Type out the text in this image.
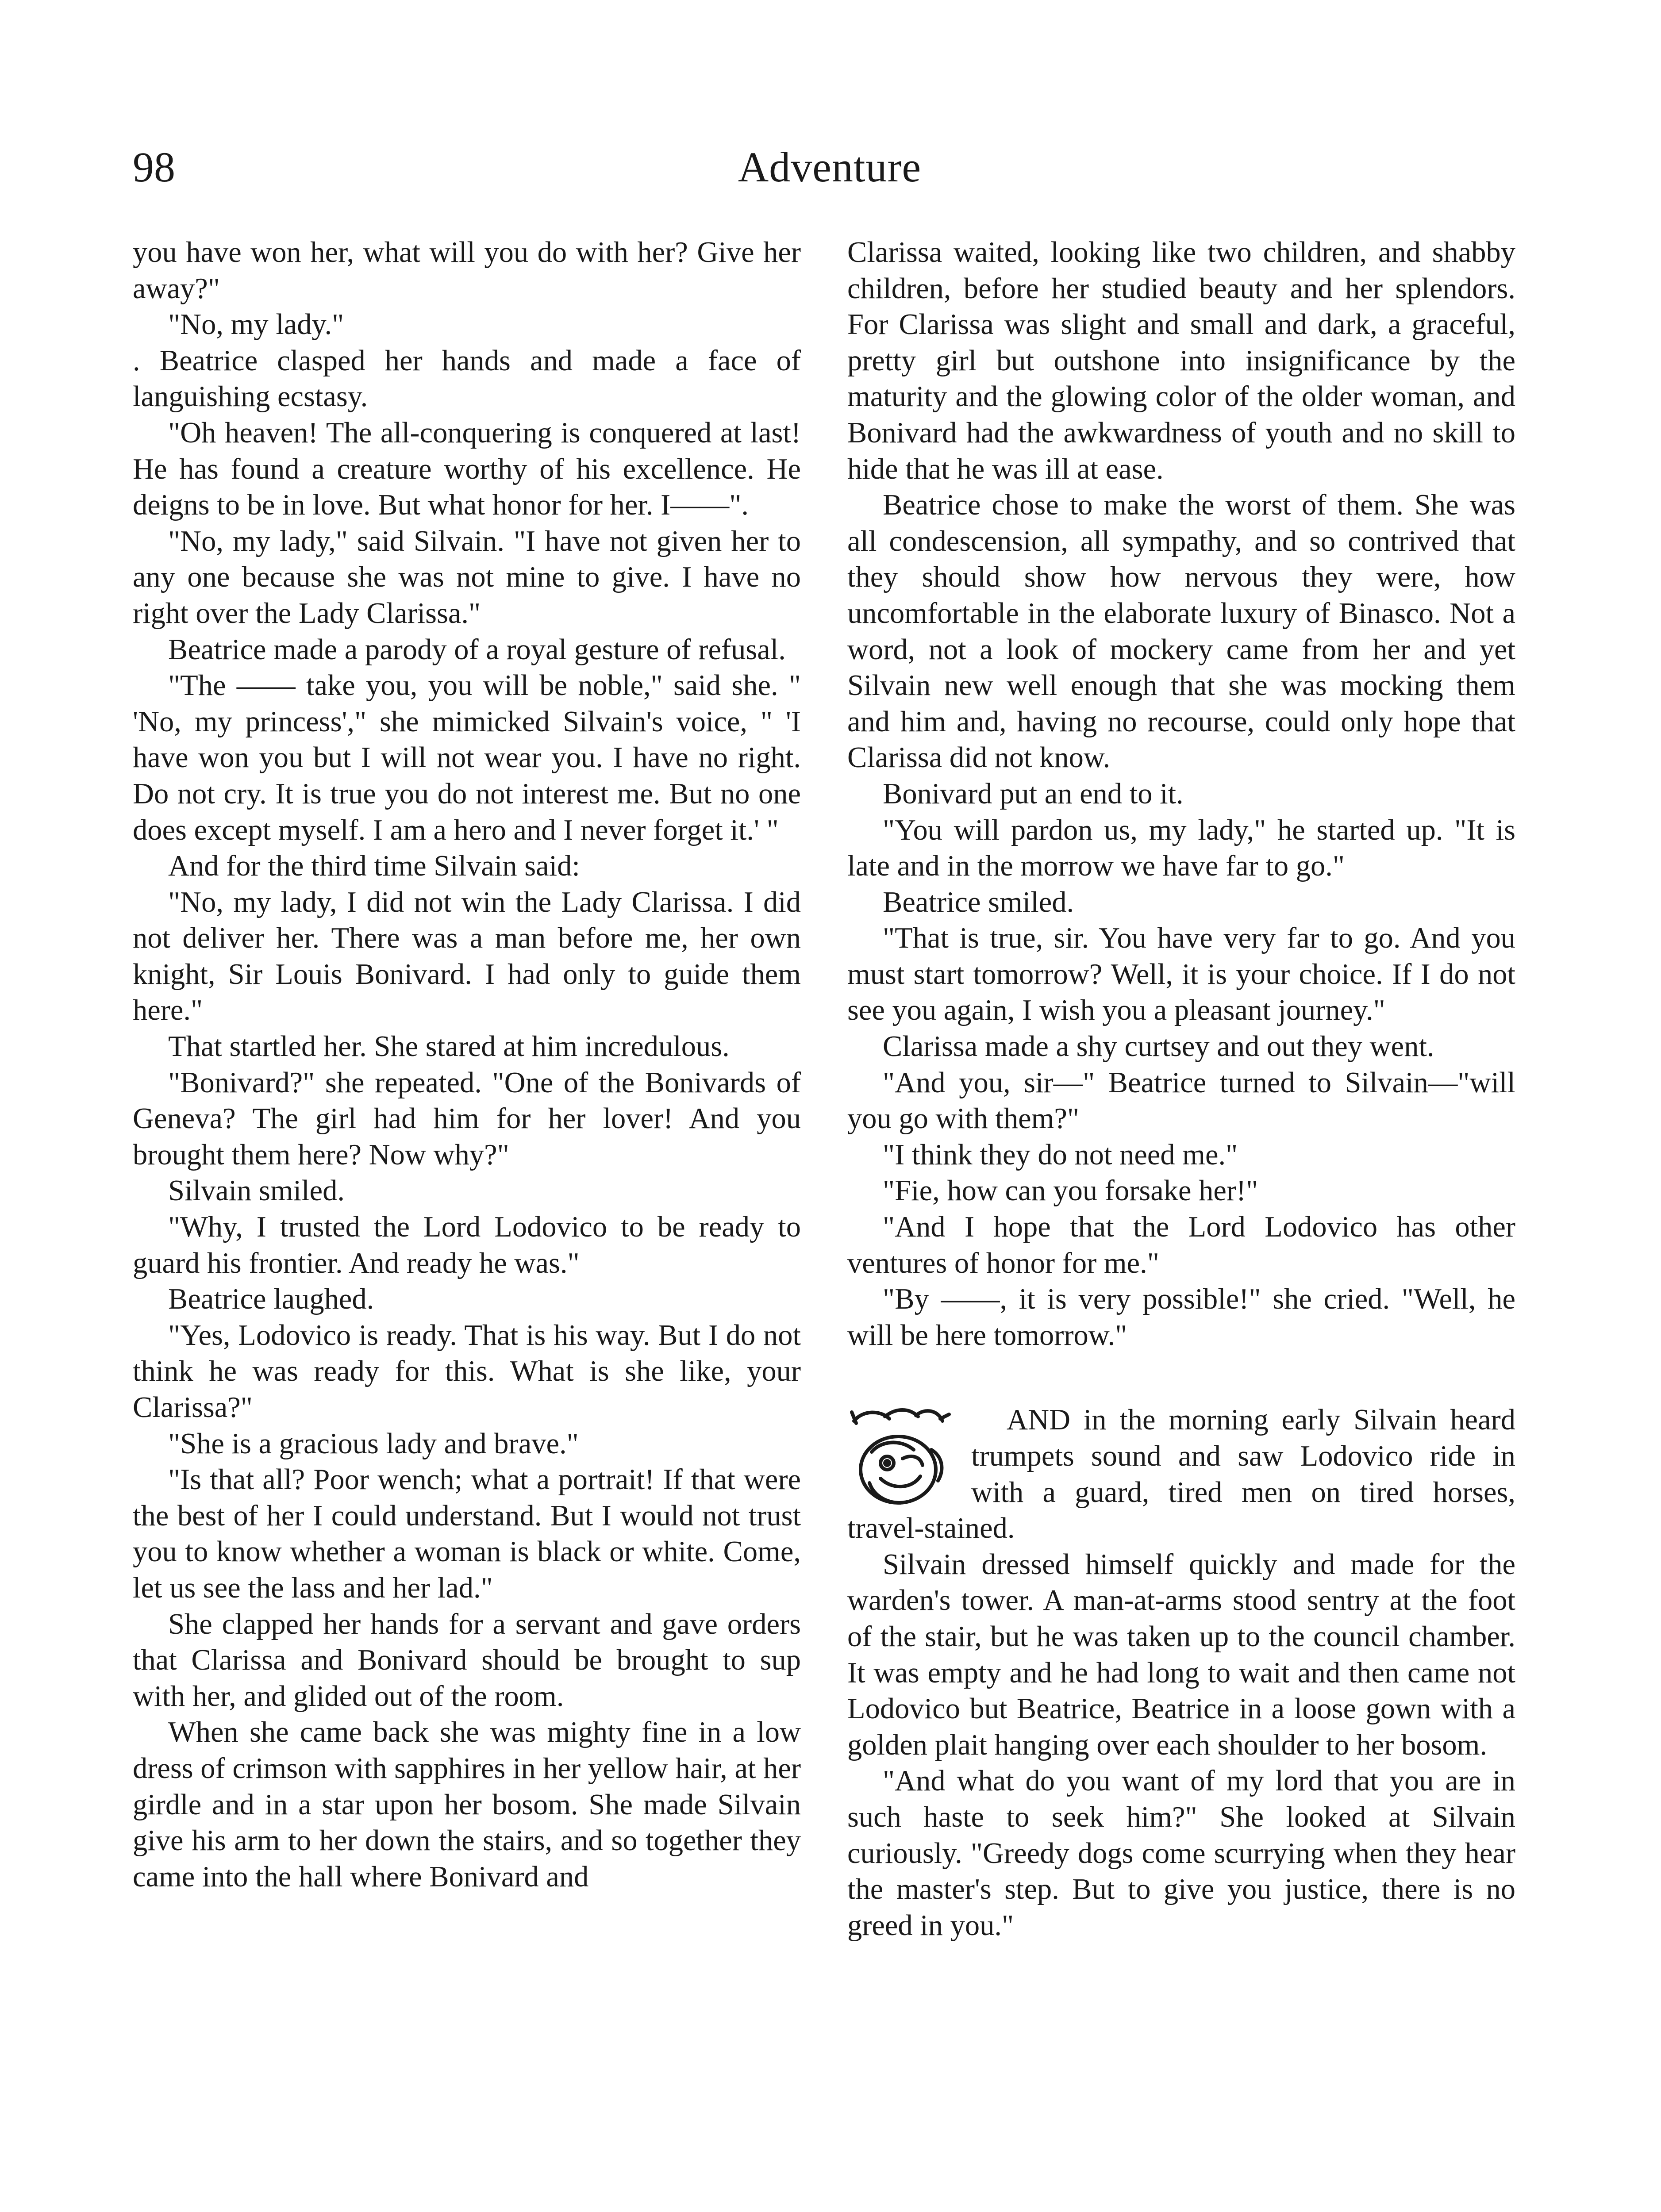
98	Adventure

you have won her, what will you do with her? Give her away?"

"No, my lady."

. Beatrice clasped her hands and made a face of languishing ecstasy.

"Oh heaven! The all-conquering is conquered at last! He has found a creature worthy of his excellence. He deigns to be in love. But what honor for her. I——".

"No, my lady," said Silvain. "I have not given her to any one because she was not mine to give. I have no right over the Lady Clarissa."

Beatrice made a parody of a royal gesture of refusal.

"The —— take you, you will be noble," said she. " 'No, my princess'," she mimicked Silvain's voice, " 'I have won you but I will not wear you. I have no right. Do not cry. It is true you do not interest me. But no one does except myself. I am a hero and I never forget it.' "

And for the third time Silvain said:

"No, my lady, I did not win the Lady Clarissa. I did not deliver her. There was a man before me, her own knight, Sir Louis Bonivard. I had only to guide them here."

That startled her. She stared at him incredulous.

"Bonivard?" she repeated. "One of the Bonivards of Geneva? The girl had him for her lover! And you brought them here? Now why?"

Silvain smiled.

"Why, I trusted the Lord Lodovico to be ready to guard his frontier. And ready he was."

Beatrice laughed.

"Yes, Lodovico is ready. That is his way. But I do not think he was ready for this. What is she like, your Clarissa?"

"She is a gracious lady and brave."

"Is that all? Poor wench; what a portrait! If that were the best of her I could understand. But I would not trust you to know whether a woman is black or white. Come, let us see the lass and her lad."

She clapped her hands for a servant and gave orders that Clarissa and Bonivard should be brought to sup with her, and glided out of the room.

When she came back she was mighty fine in a low dress of crimson with sapphires in her yellow hair, at her girdle and in a star upon her bosom. She made Silvain give his arm to her down the stairs, and so together they came into the hall where Bonivard and

Clarissa waited, looking like two children, and shabby children, before her studied beauty and her splendors. For Clarissa was slight and small and dark, a graceful, pretty girl but outshone into insignificance by the maturity and the glowing color of the older woman, and Bonivard had the awkwardness of youth and no skill to hide that he was ill at ease.

Beatrice chose to make the worst of them. She was all condescension, all sympathy, and so contrived that they should show how nervous they were, how uncomfortable in the elaborate luxury of Binasco. Not a word, not a look of mockery came from her and yet Silvain new well enough that she was mocking them and him and, having no recourse, could only hope that Clarissa did not know.

Bonivard put an end to it.

"You will pardon us, my lady," he started up. "It is late and in the morrow we have far to go."

Beatrice smiled.

"That is true, sir. You have very far to go. And you must start tomorrow? Well, it is your choice. If I do not see you again, I wish you a pleasant journey."

Clarissa made a shy curtsey and out they went.

"And you, sir—" Beatrice turned to Silvain—"will you go with them?"

"I think they do not need me."

"Fie, how can you forsake her!"

"And I hope that the Lord Lodovico has other ventures of honor for me."

"By ——, it is very possible!" she cried. "Well, he will be here tomorrow."

AND in the morning early Silvain heard trumpets sound and saw Lodovico ride in with a guard, tired men on tired horses, travel-stained.

Silvain dressed himself quickly and made for the warden's tower. A man-at-arms stood sentry at the foot of the stair, but he was taken up to the council chamber. It was empty and he had long to wait and then came not Lodovico but Beatrice, Beatrice in a loose gown with a golden plait hanging over each shoulder to her bosom.

"And what do you want of my lord that you are in such haste to seek him?" She looked at Silvain curiously. "Greedy dogs come scurrying when they hear the master's step. But to give you justice, there is no greed in you."
